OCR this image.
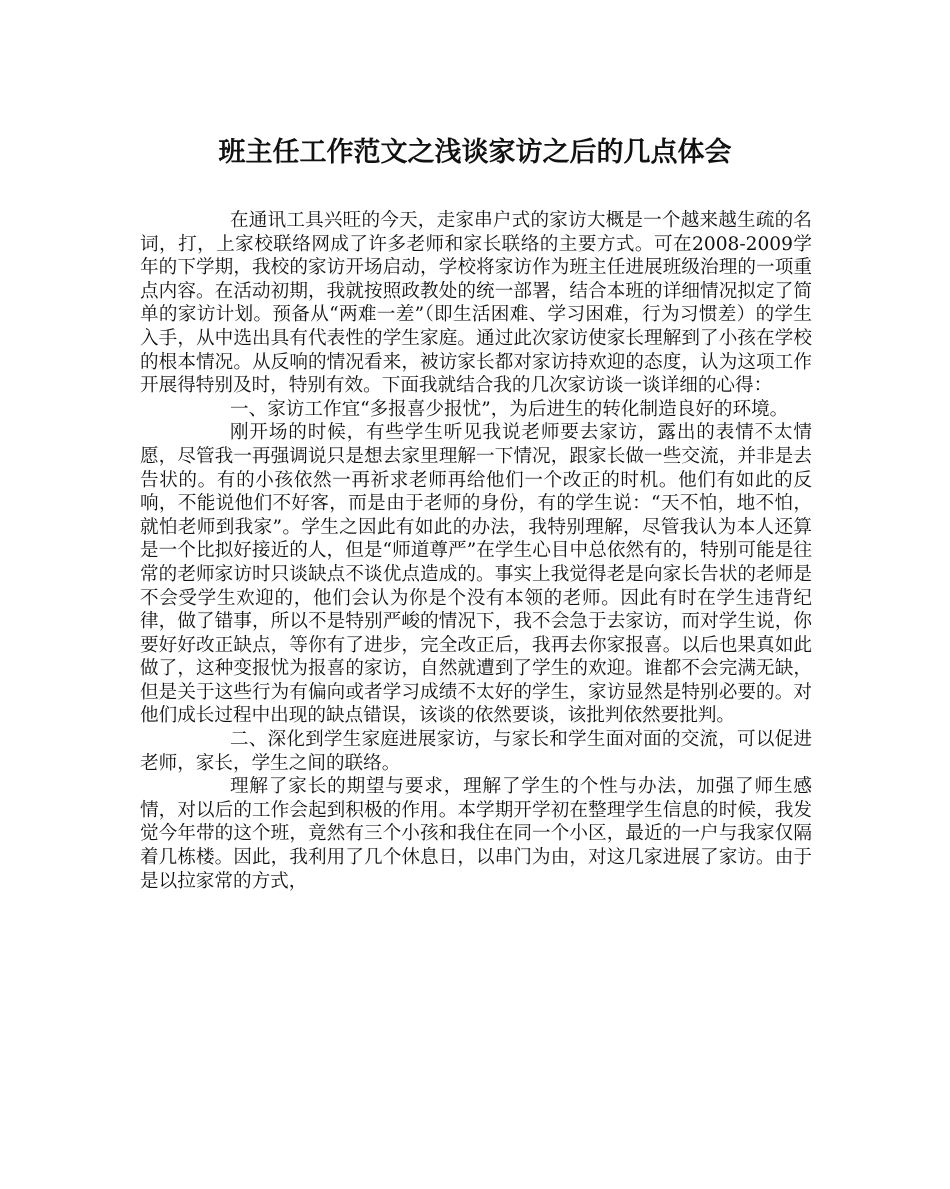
班主任工作范文之浅谈家访之后的几点体会

在通讯工具兴旺的今天，走家串户式的家访大概是一个越来越生疏的名词，打，上家校联络网成了许多老师和家长联络的主要方式。可在2008-2009学年的下学期，我校的家访开场启动，学校将家访作为班主任进展班级治理的一项重点内容。在活动初期，我就按照政教处的统一部署，结合本班的详细情况拟定了简单的家访计划。预备从“两难一差”（即生活困难、学习困难，行为习惯差）的学生入手，从中选出具有代表性的学生家庭。通过此次家访使家长理解到了小孩在学校的根本情况。从反响的情况看来，被访家长都对家访持欢迎的态度，认为这项工作开展得特别及时，特别有效。下面我就结合我的几次家访谈一谈详细的心得：

一、家访工作宜“多报喜少报忧”，为后进生的转化制造良好的环境。

刚开场的时候，有些学生听见我说老师要去家访，露出的表情不太情愿，尽管我一再强调说只是想去家里理解一下情况，跟家长做一些交流，并非是去告状的。有的小孩依然一再祈求老师再给他们一个改正的时机。他们有如此的反响，不能说他们不好客，而是由于老师的身份，有的学生说：“天不怕，地不怕，就怕老师到我家”。学生之因此有如此的办法，我特别理解，尽管我认为本人还算是一个比拟好接近的人，但是“师道尊严”在学生心目中总依然有的，特别可能是往常的老师家访时只谈缺点不谈优点造成的。事实上我觉得老是向家长告状的老师是不会受学生欢迎的，他们会认为你是个没有本领的老师。因此有时在学生违背纪律，做了错事，所以不是特别严峻的情况下，我不会急于去家访，而对学生说，你要好好改正缺点，等你有了进步，完全改正后，我再去你家报喜。以后也果真如此做了，这种变报忧为报喜的家访，自然就遭到了学生的欢迎。谁都不会完满无缺，但是关于这些行为有偏向或者学习成绩不太好的学生，家访显然是特别必要的。对他们成长过程中出现的缺点错误，该谈的依然要谈，该批判依然要批判。

二、深化到学生家庭进展家访，与家长和学生面对面的交流，可以促进老师，家长，学生之间的联络。

理解了家长的期望与要求，理解了学生的个性与办法，加强了师生感情，对以后的工作会起到积极的作用。本学期开学初在整理学生信息的时候，我发觉今年带的这个班，竟然有三个小孩和我住在同一个小区，最近的一户与我家仅隔着几栋楼。因此，我利用了几个休息日，以串门为由，对这几家进展了家访。由于是以拉家常的方式，
